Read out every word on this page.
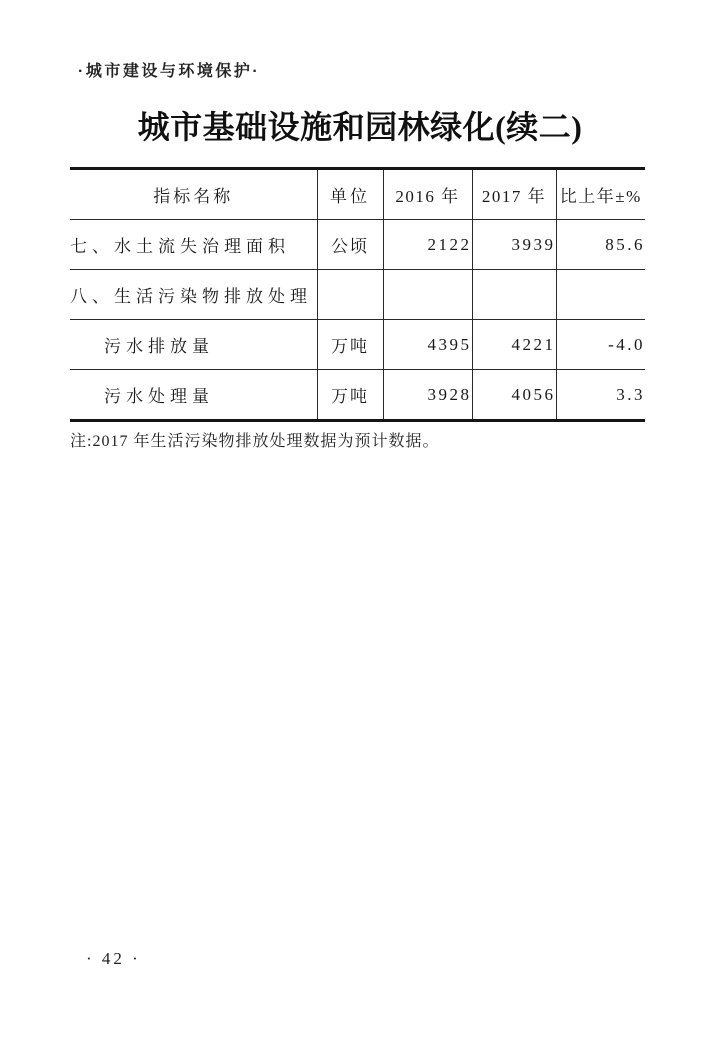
·城市建设与环境保护·
城市基础设施和园林绿化(续二)
指标名称	单位	2016 年	2017 年	比上年±%
七、水土流失治理面积	公顷	2122	3939	85.6
八、生活污染物排放处理				
污水排放量	万吨	4395	4221	-4.0
污水处理量	万吨	3928	4056	3.3
注:2017 年生活污染物排放处理数据为预计数据。
· 42 ·
